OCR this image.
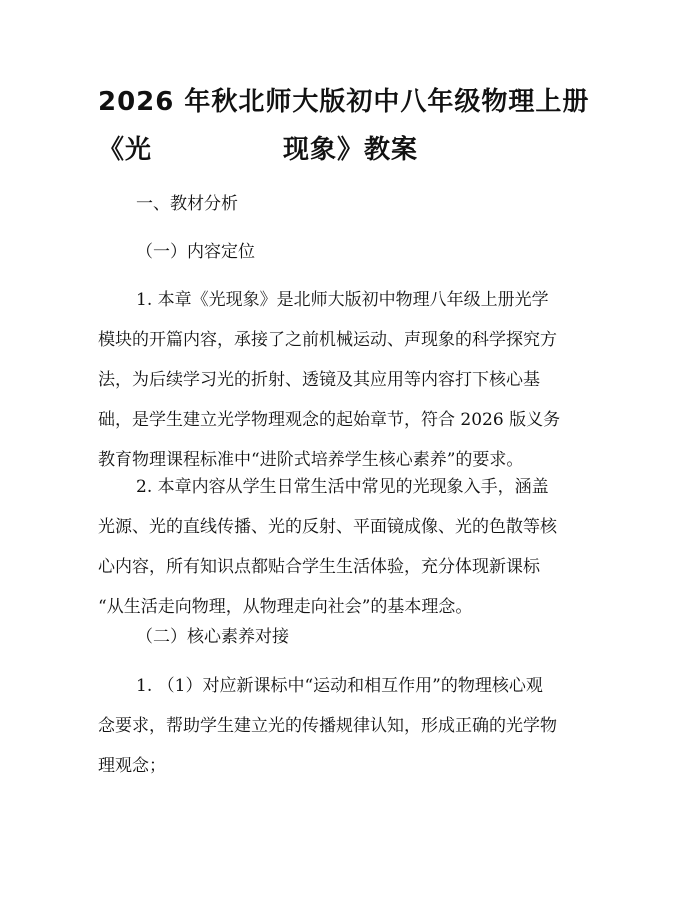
2026 年秋北师大版初中八年级物理上册《光	现象》教案

一、教材分析

（一）内容定位

1. 本章《光现象》是北师大版初中物理八年级上册光学
模块的开篇内容，承接了之前机械运动、声现象的科学探究方
法，为后续学习光的折射、透镜及其应用等内容打下核心基
础，是学生建立光学物理观念的起始章节，符合 2026 版义务
教育物理课程标准中“进阶式培养学生核心素养”的要求。
2. 本章内容从学生日常生活中常见的光现象入手，涵盖
光源、光的直线传播、光的反射、平面镜成像、光的色散等核
心内容，所有知识点都贴合学生生活体验，充分体现新课标
“从生活走向物理，从物理走向社会”的基本理念。

（二）核心素养对接

1. （1）对应新课标中“运动和相互作用”的物理核心观
念要求，帮助学生建立光的传播规律认知，形成正确的光学物
理观念；
